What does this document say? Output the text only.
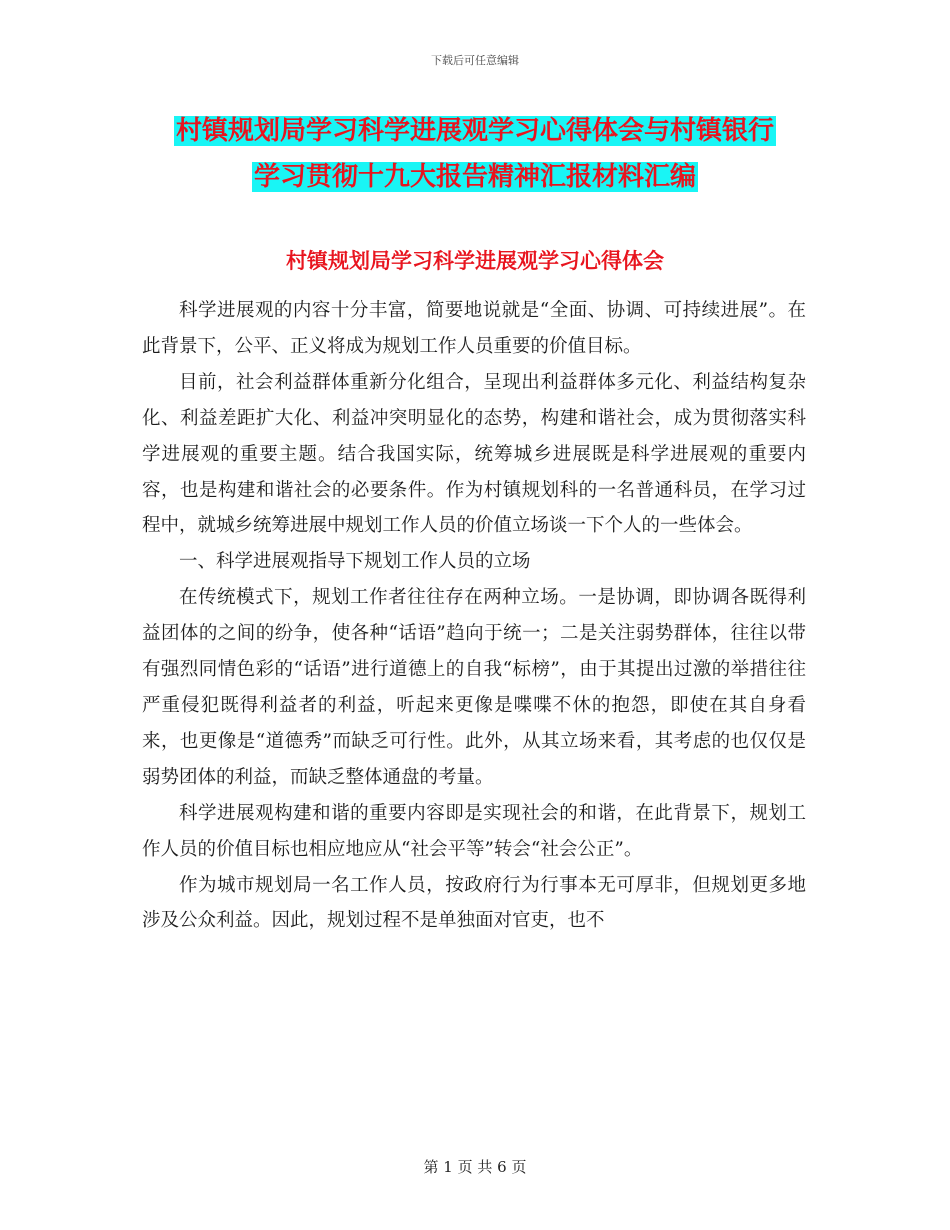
下载后可任意编辑
村镇规划局学习科学进展观学习心得体会与村镇银行
学习贯彻十九大报告精神汇报材料汇编
村镇规划局学习科学进展观学习心得体会

科学进展观的内容十分丰富，简要地说就是“全面、协调、可持续进展”。在此背景下，公平、正义将成为规划工作人员重要的价值目标。

目前，社会利益群体重新分化组合，呈现出利益群体多元化、利益结构复杂化、利益差距扩大化、利益冲突明显化的态势，构建和谐社会，成为贯彻落实科学进展观的重要主题。结合我国实际，统筹城乡进展既是科学进展观的重要内容，也是构建和谐社会的必要条件。作为村镇规划科的一名普通科员，在学习过程中，就城乡统筹进展中规划工作人员的价值立场谈一下个人的一些体会。

一、科学进展观指导下规划工作人员的立场

在传统模式下，规划工作者往往存在两种立场。一是协调，即协调各既得利益团体的之间的纷争，使各种“话语”趋向于统一；二是关注弱势群体，往往以带有强烈同情色彩的“话语”进行道德上的自我“标榜”，由于其提出过激的举措往往严重侵犯既得利益者的利益，听起来更像是喋喋不休的抱怨，即使在其自身看来，也更像是“道德秀”而缺乏可行性。此外，从其立场来看，其考虑的也仅仅是弱势团体的利益，而缺乏整体通盘的考量。

科学进展观构建和谐的重要内容即是实现社会的和谐，在此背景下，规划工作人员的价值目标也相应地应从“社会平等”转会“社会公正”。

作为城市规划局一名工作人员，按政府行为行事本无可厚非，但规划更多地涉及公众利益。因此，规划过程不是单独面对官吏，也不

第 1 页 共 6 页
